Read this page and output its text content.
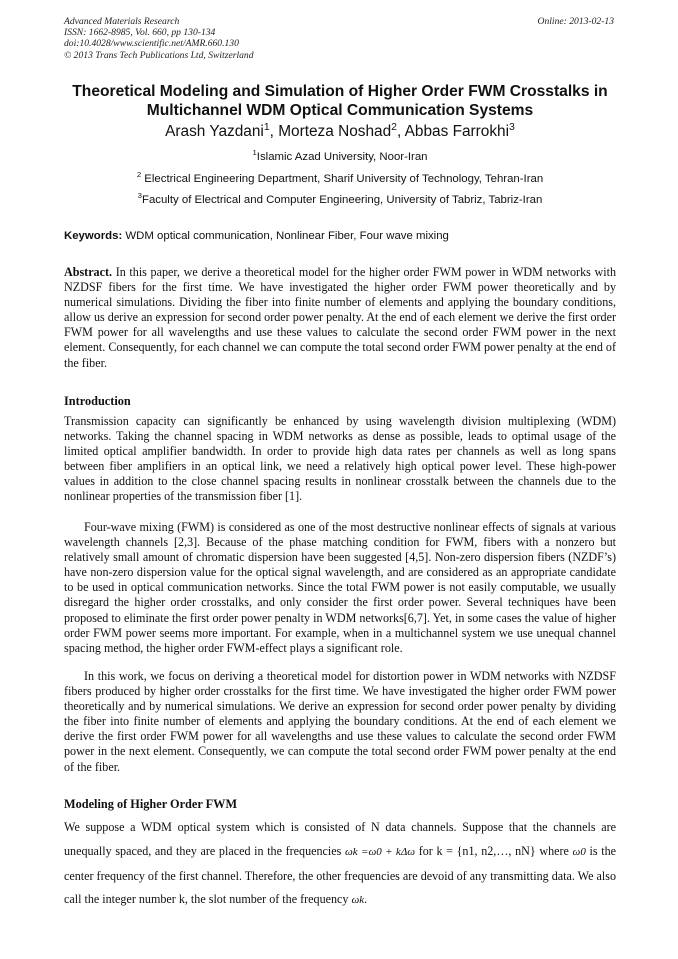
Advanced Materials Research
ISSN: 1662-8985, Vol. 660, pp 130-134
doi:10.4028/www.scientific.net/AMR.660.130
© 2013 Trans Tech Publications Ltd, Switzerland
Online: 2013-02-13
Theoretical Modeling and Simulation of Higher Order FWM Crosstalks in
Multichannel WDM Optical Communication Systems
Arash Yazdani$^1$, Morteza Noshad$^2$, Abbas Farrokhi$^3$
$^1$Islamic Azad University, Noor-Iran
$^2$ Electrical Engineering Department, Sharif University of Technology, Tehran-Iran
$^3$Faculty of Electrical and Computer Engineering, University of Tabriz, Tabriz-Iran
Keywords: WDM optical communication, Nonlinear Fiber, Four wave mixing
Abstract. In this paper, we derive a theoretical model for the higher order FWM power in WDM networks with NZDSF fibers for the first time. We have investigated the higher order FWM power theoretically and by numerical simulations. Dividing the fiber into finite number of elements and applying the boundary conditions, allow us derive an expression for second order power penalty. At the end of each element we derive the first order FWM power for all wavelengths and use these values to calculate the second order FWM power in the next element. Consequently, for each channel we can compute the total second order FWM power penalty at the end of the fiber.
Introduction
Transmission capacity can significantly be enhanced by using wavelength division multiplexing (WDM) networks. Taking the channel spacing in WDM networks as dense as possible, leads to optimal usage of the limited optical amplifier bandwidth. In order to provide high data rates per channels as well as long spans between fiber amplifiers in an optical link, we need a relatively high optical power level. These high-power values in addition to the close channel spacing results in nonlinear crosstalk between the channels due to the nonlinear properties of the transmission fiber [1].
Four-wave mixing (FWM) is considered as one of the most destructive nonlinear effects of signals at various wavelength channels [2,3]. Because of the phase matching condition for FWM, fibers with a nonzero but relatively small amount of chromatic dispersion have been suggested [4,5]. Non-zero dispersion fibers (NZDF’s) have non-zero dispersion value for the optical signal wavelength, and are considered as an appropriate candidate to be used in optical communication networks. Since the total FWM power is not easily computable, we usually disregard the higher order crosstalks, and only consider the first order power. Several techniques have been proposed to eliminate the first order power penalty in WDM networks[6,7]. Yet, in some cases the value of higher order FWM power seems more important. For example, when in a multichannel system we use unequal channel spacing method, the higher order FWM-effect plays a significant role.
In this work, we focus on deriving a theoretical model for distortion power in WDM networks with NZDSF fibers produced by higher order crosstalks for the first time. We have investigated the higher order FWM power theoretically and by numerical simulations. We derive an expression for second order power penalty by dividing the fiber into finite number of elements and applying the boundary conditions. At the end of each element we derive the first order FWM power for all wavelengths and use these values to calculate the second order FWM power in the next element. Consequently, we can compute the total second order FWM power penalty at the end of the fiber.
Modeling of Higher Order FWM
We suppose a WDM optical system which is consisted of N data channels. Suppose that the channels are unequally spaced, and they are placed in the frequencies ωk =ω0 + kΔω for k = {n1, n2,…, nN} where ω0 is the center frequency of the first channel. Therefore, the other frequencies are devoid of any transmitting data. We also call the integer number k, the slot number of the frequency ωk.
